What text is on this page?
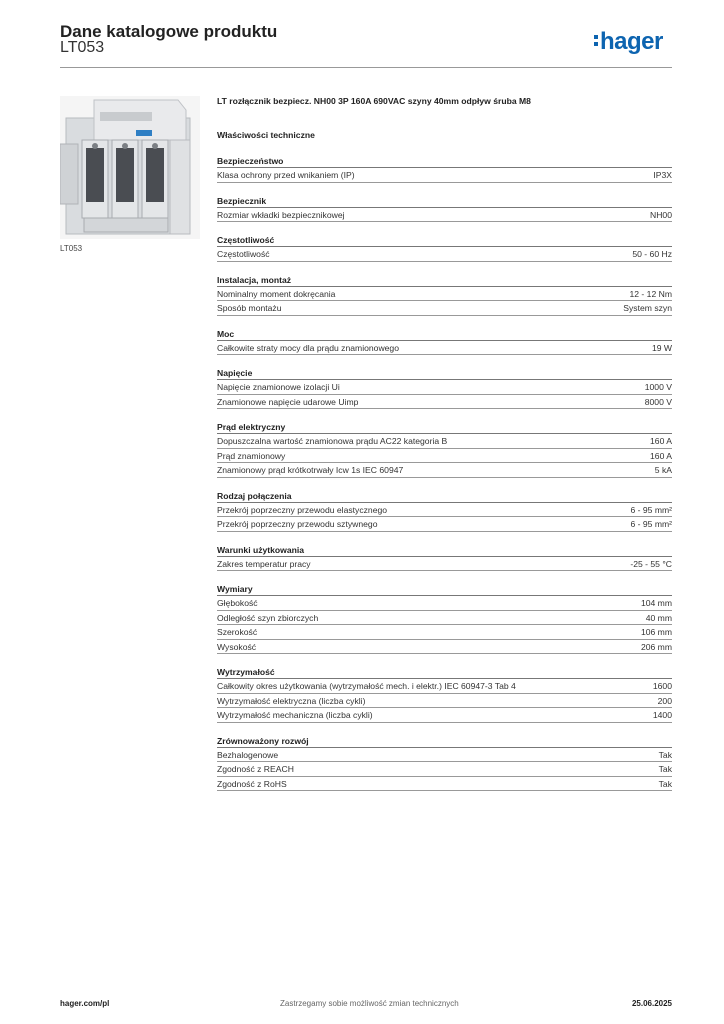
Dane katalogowe produktu
LT053	hager
LT053
LT rozłącznik bezpiecz. NH00 3P 160A 690VAC szyny 40mm odpływ śruba M8
Właściwości techniczne
Bezpieczeństwo
Klasa ochrony przed wnikaniem (IP)	IP3X
Bezpiecznik
Rozmiar wkładki bezpiecznikowej	NH00
Częstotliwość
Częstotliwość	50 - 60 Hz
Instalacja, montaż
Nominalny moment dokręcania	12 - 12 Nm
Sposób montażu	System szyn
Moc
Całkowite straty mocy dla prądu znamionowego	19 W
Napięcie
Napięcie znamionowe izolacji Ui	1000 V
Znamionowe napięcie udarowe Uimp	8000 V
Prąd elektryczny
Dopuszczalna wartość znamionowa prądu AC22 kategoria B	160 A
Prąd znamionowy	160 A
Znamionowy prąd krótkotrwały Icw 1s IEC 60947	5 kA
Rodzaj połączenia
Przekrój poprzeczny przewodu elastycznego	6 - 95 mm²
Przekrój poprzeczny przewodu sztywnego	6 - 95 mm²
Warunki użytkowania
Zakres temperatur pracy	-25 - 55 °C
Wymiary
Głębokość	104 mm
Odległość szyn zbiorczych	40 mm
Szerokość	106 mm
Wysokość	206 mm
Wytrzymałość
Całkowity okres użytkowania (wytrzymałość mech. i elektr.) IEC 60947-3 Tab 4	1600
Wytrzymałość elektryczna (liczba cykli)	200
Wytrzymałość mechaniczna (liczba cykli)	1400
Zrównoważony rozwój
Bezhalogenowe	Tak
Zgodność z REACH	Tak
Zgodność z RoHS	Tak
hager.com/pl	Zastrzegamy sobie możliwość zmian technicznych	25.06.2025
